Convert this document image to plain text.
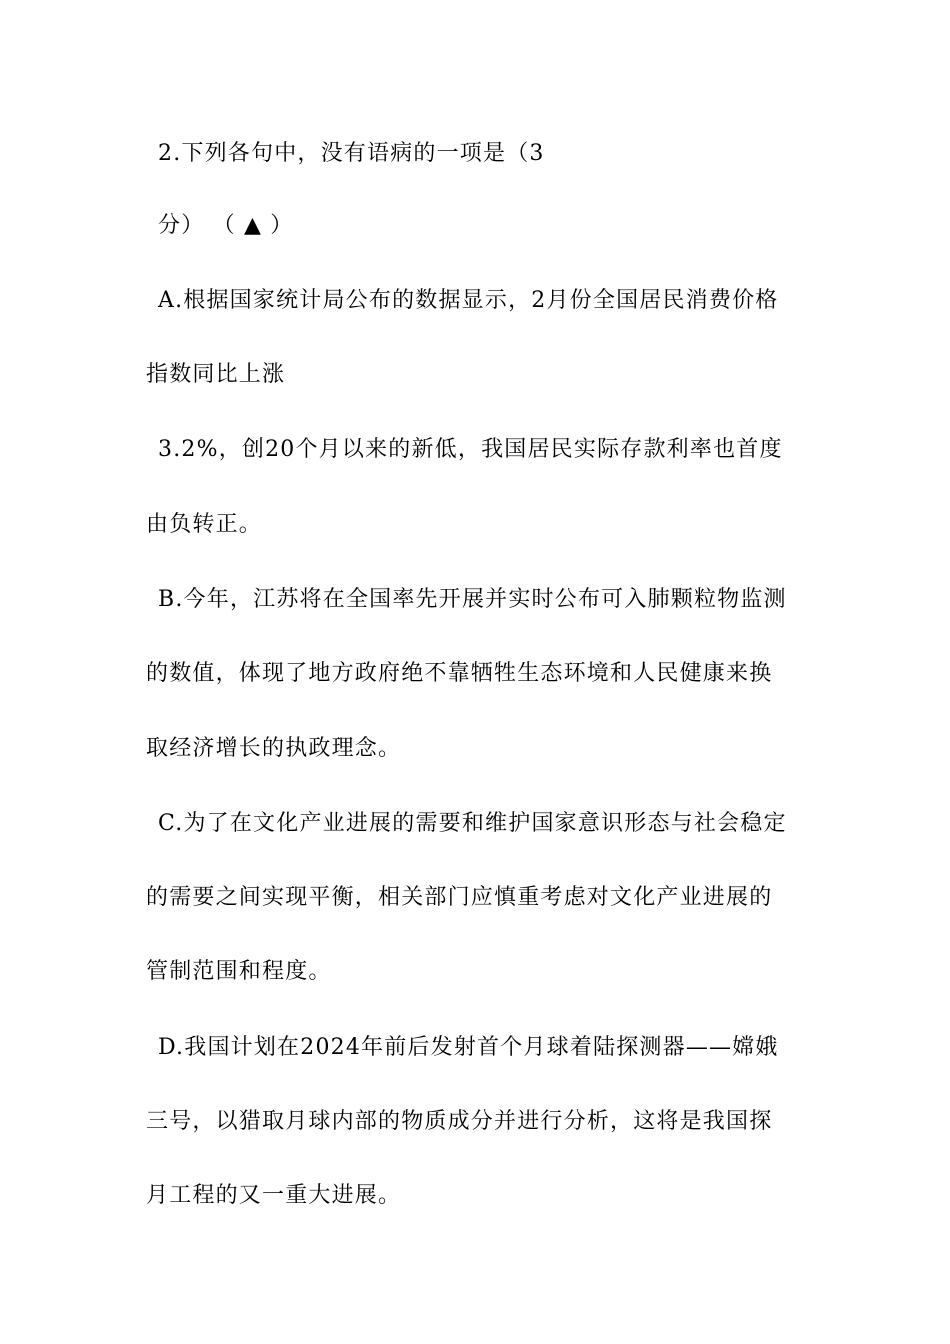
2.下列各句中，没有语病的一项是（3
分） （ ▲ ）
A.根据国家统计局公布的数据显示，2月份全国居民消费价格
指数同比上涨
3.2%，创20个月以来的新低，我国居民实际存款利率也首度
由负转正。
B.今年，江苏将在全国率先开展并实时公布可入肺颗粒物监测
的数值，体现了地方政府绝不靠牺牲生态环境和人民健康来换
取经济增长的执政理念。
C.为了在文化产业进展的需要和维护国家意识形态与社会稳定
的需要之间实现平衡，相关部门应慎重考虑对文化产业进展的
管制范围和程度。
D.我国计划在2024年前后发射首个月球着陆探测器——嫦娥
三号，以猎取月球内部的物质成分并进行分析，这将是我国探
月工程的又一重大进展。
